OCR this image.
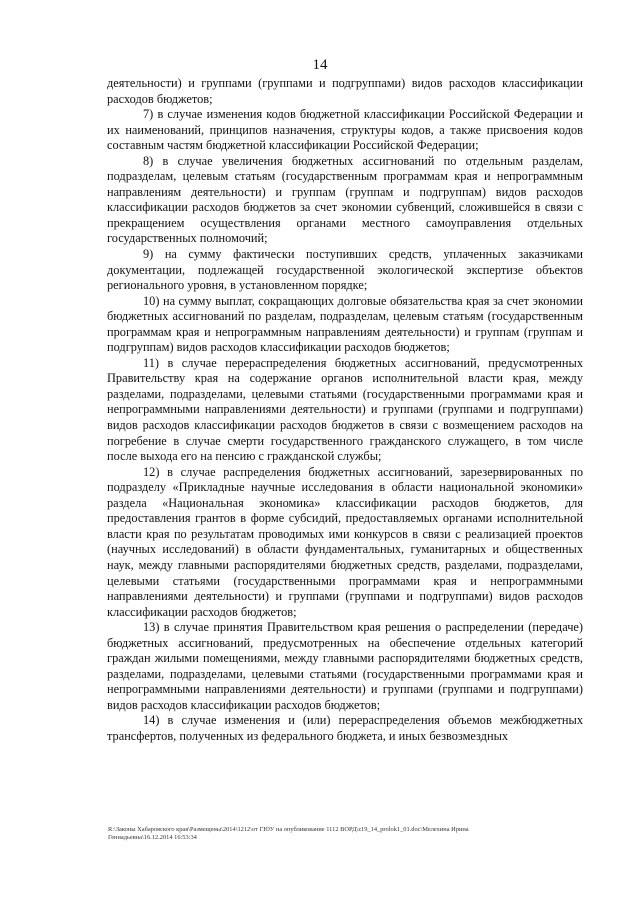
14

деятельности) и группами (группами и подгруппами) видов расходов классификации расходов бюджетов;

7) в случае изменения кодов бюджетной классификации Российской Федерации и их наименований, принципов назначения, структуры кодов, а также присвоения кодов составным частям бюджетной классификации Российской Федерации;

8) в случае увеличения бюджетных ассигнований по отдельным разделам, подразделам, целевым статьям (государственным программам края и непрограммным направлениям деятельности) и группам (группам и подгруппам) видов расходов классификации расходов бюджетов за счет экономии субвенций, сложившейся в связи с прекращением осуществления органами местного самоуправления отдельных государственных полномочий;

9) на сумму фактически поступивших средств, уплаченных заказчиками документации, подлежащей государственной экологической экспертизе объектов регионального уровня, в установленном порядке;

10) на сумму выплат, сокращающих долговые обязательства края за счет экономии бюджетных ассигнований по разделам, подразделам, целевым статьям (государственным программам края и непрограммным направлениям деятельности) и группам (группам и подгруппам) видов расходов классификации расходов бюджетов;

11) в случае перераспределения бюджетных ассигнований, предусмотренных Правительству края на содержание органов исполнительной власти края, между разделами, подразделами, целевыми статьями (государственными программами края и непрограммными направлениями деятельности) и группами (группами и подгруппами) видов расходов классификации расходов бюджетов в связи с возмещением расходов на погребение в случае смерти государственного гражданского служащего, в том числе после выхода его на пенсию с гражданской службы;

12) в случае распределения бюджетных ассигнований, зарезервированных по подразделу «Прикладные научные исследования в области национальной экономики» раздела «Национальная экономика» классификации расходов бюджетов, для предоставления грантов в форме субсидий, предоставляемых органами исполнительной власти края по результатам проводимых ими конкурсов в связи с реализацией проектов (научных исследований) в области фундаментальных, гуманитарных и общественных наук, между главными распорядителями бюджетных средств, разделами, подразделами, целевыми статьями (государственными программами края и непрограммными направлениями деятельности) и группами (группами и подгруппами) видов расходов классификации расходов бюджетов;

13) в случае принятия Правительством края решения о распределении (передаче) бюджетных ассигнований, предусмотренных на обеспечение отдельных категорий граждан жилыми помещениями, между главными распорядителями бюджетных средств, разделами, подразделами, целевыми статьями (государственными программами края и непрограммными направлениями деятельности) и группами (группами и подгруппами) видов расходов классификации расходов бюджетов;

14) в случае изменения и (или) перераспределения объемов межбюджетных трансфертов, полученных из федерального бюджета, и иных безвозмездных

R:\Законы Хабаровского края\Размещены\2014\1212\от ГЮУ на опубликование 1112 ВОРД\z19_14_prolok1_01.doc\Мелехина Ирина
Геннадьевна\16.12.2014 16:53:34
